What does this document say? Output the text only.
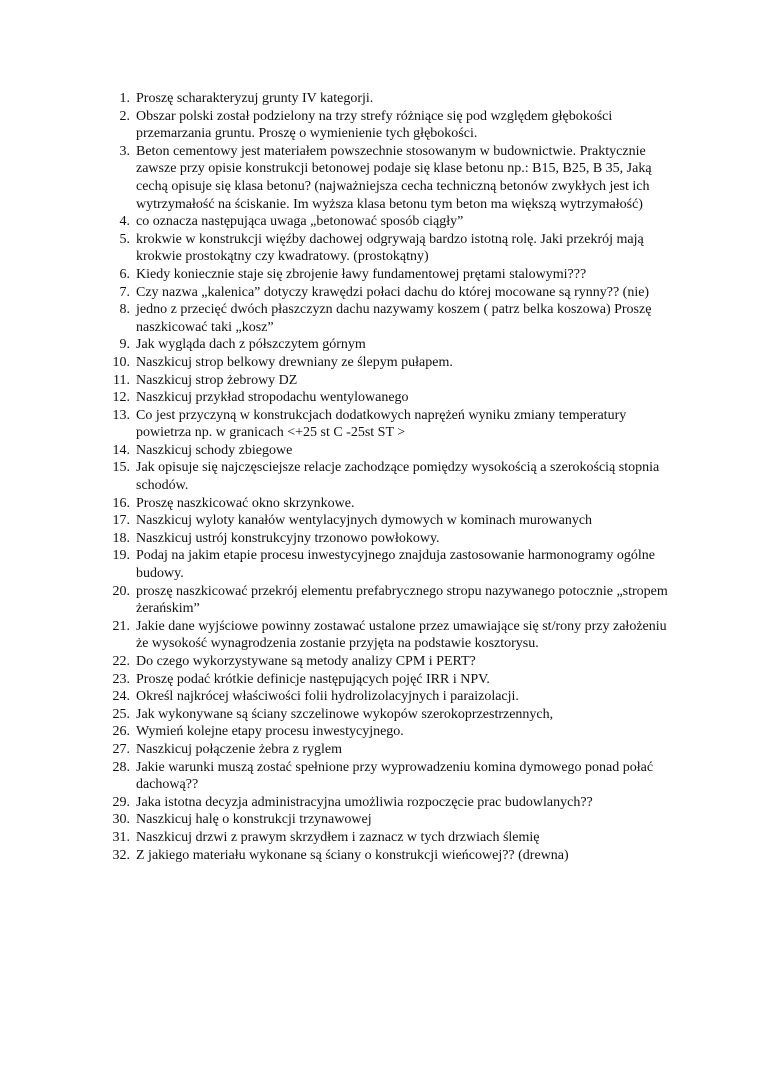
1. Proszę scharakteryzuj grunty IV kategorji.
2. Obszar polski został podzielony na trzy strefy różniące się pod względem głębokości przemarzania gruntu. Proszę o wymienienie tych głębokości.
3. Beton cementowy jest materiałem powszechnie stosowanym w budownictwie. Praktycznie zawsze przy opisie konstrukcji betonowej podaje się klase betonu np.: B15, B25, B 35, Jaką cechą opisuje się klasa betonu? (najważniejsza cecha techniczną betonów zwykłych jest ich wytrzymałość na ściskanie. Im wyższa klasa betonu tym beton ma większą wytrzymałość)
4. co oznacza następująca uwaga „betonować sposób ciągły”
5. krokwie w konstrukcji więźby dachowej odgrywają bardzo istotną rolę. Jaki przekrój mają krokwie prostokątny czy kwadratowy. (prostokątny)
6. Kiedy koniecznie staje się zbrojenie ławy fundamentowej prętami stalowymi???
7. Czy nazwa „kalenica” dotyczy krawędzi połaci dachu do której mocowane są rynny?? (nie)
8. jedno z przecięć dwóch płaszczyzn dachu nazywamy koszem ( patrz belka koszowa) Proszę naszkicować taki „kosz”
9. Jak wygląda dach z półszczytem górnym
10. Naszkicuj strop belkowy drewniany ze ślepym pułapem.
11. Naszkicuj strop żebrowy DZ
12. Naszkicuj przykład stropodachu wentylowanego
13. Co jest przyczyną w konstrukcjach dodatkowych naprężeń wyniku zmiany temperatury powietrza np. w granicach <+25 st C -25st ST >
14. Naszkicuj schody zbiegowe
15. Jak opisuje się najczęsciejsze relacje zachodzące pomiędzy wysokością a szerokością stopnia schodów.
16. Proszę naszkicować okno skrzynkowe.
17. Naszkicuj wyloty kanałów wentylacyjnych dymowych w kominach murowanych
18. Naszkicuj ustrój konstrukcyjny trzonowo powłokowy.
19. Podaj na jakim etapie procesu inwestycyjnego znajduja zastosowanie harmonogramy ogólne budowy.
20. proszę naszkicować przekrój elementu prefabrycznego stropu nazywanego potocznie „stropem żerańskim”
21. Jakie dane wyjściowe powinny zostawać ustalone przez umawiające się st/rony przy założeniu że wysokość wynagrodzenia zostanie przyjęta na podstawie kosztorysu.
22. Do czego wykorzystywane są metody analizy CPM i PERT?
23. Proszę podać krótkie definicje następujących pojęć IRR i NPV.
24. Określ najkrócej właściwości folii hydrolizolacyjnych i paraizolacji.
25. Jak wykonywane są ściany szczelinowe wykopów szerokoprzestrzennych,
26. Wymień kolejne etapy procesu inwestycyjnego.
27. Naszkicuj połączenie żebra z ryglem
28. Jakie warunki muszą zostać spełnione przy wyprowadzeniu komina dymowego ponad połać dachową??
29. Jaka istotna decyzja administracyjna umożliwia rozpoczęcie prac budowlanych??
30. Naszkicuj halę o konstrukcji trzynawowej
31. Naszkicuj drzwi z prawym skrzydłem i zaznacz w tych drzwiach ślemię
32. Z jakiego materiału wykonane są ściany o konstrukcji wieńcowej?? (drewna)
